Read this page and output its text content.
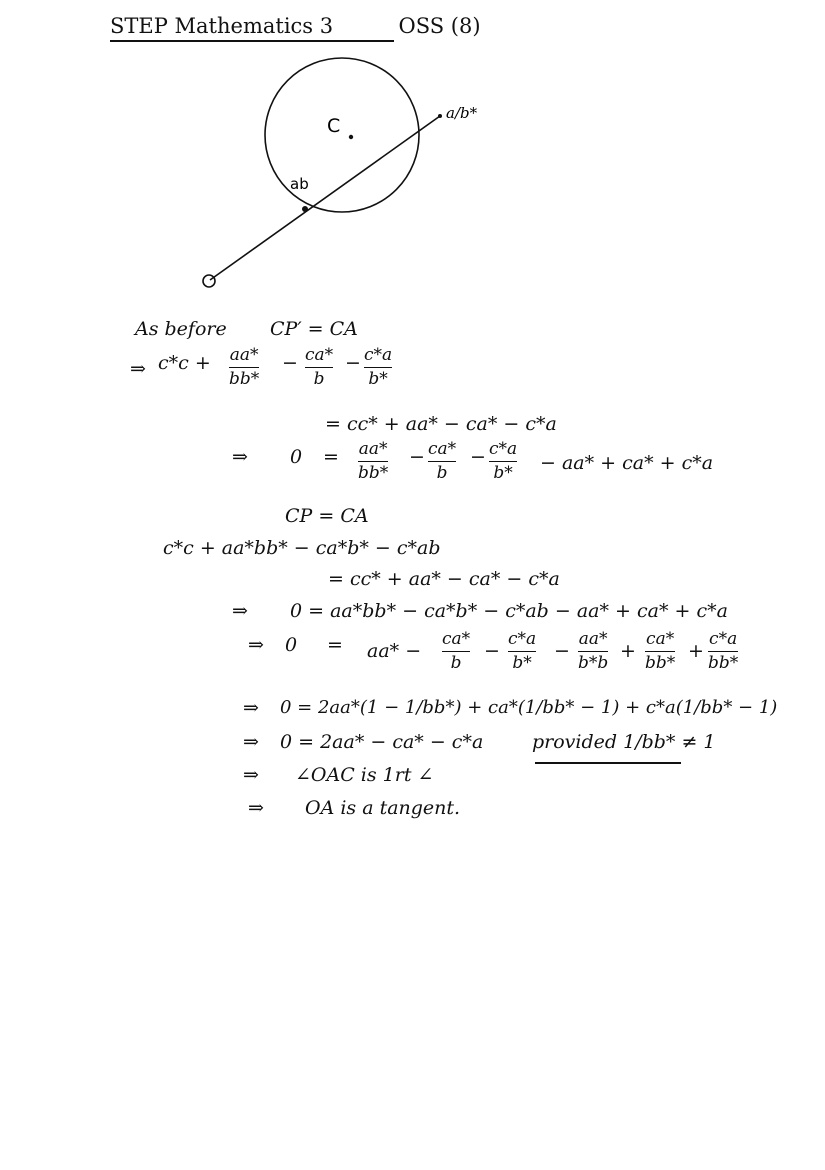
STEP Mathematics 3	OSS (8)
C
ab
a/b*
As before CP′ = CA
⇒ c*c + aa*
bb*
− ca*
b
− c*a
b*
= cc* + aa* − ca* − c*a
⇒ 0 = aa*
bb*
− ca*
b
− c*a
b* − aa* + ca* + c*a
CP = CA
c*c + aa*bb* − ca*b* − c*ab
= cc* + aa* − ca* − c*a
⇒ 0 = aa*bb* − ca*b* − c*ab − aa* + ca* + c*a
⇒ 0 = aa* −
ca*
b
−
c*a
b*
−
aa*
b*b
+
ca*
bb*
+
c*a
bb*
⇒ 0 = 2aa*(1 − 1/bb*) + ca*(1/bb* − 1) + c*a(1/bb* − 1)
⇒ 0 = 2aa* − ca* − c*a	provided 1/bb* ≠ 1
⇒ ∠OAC is 1rt ∠
⇒ OA is a tangent.
